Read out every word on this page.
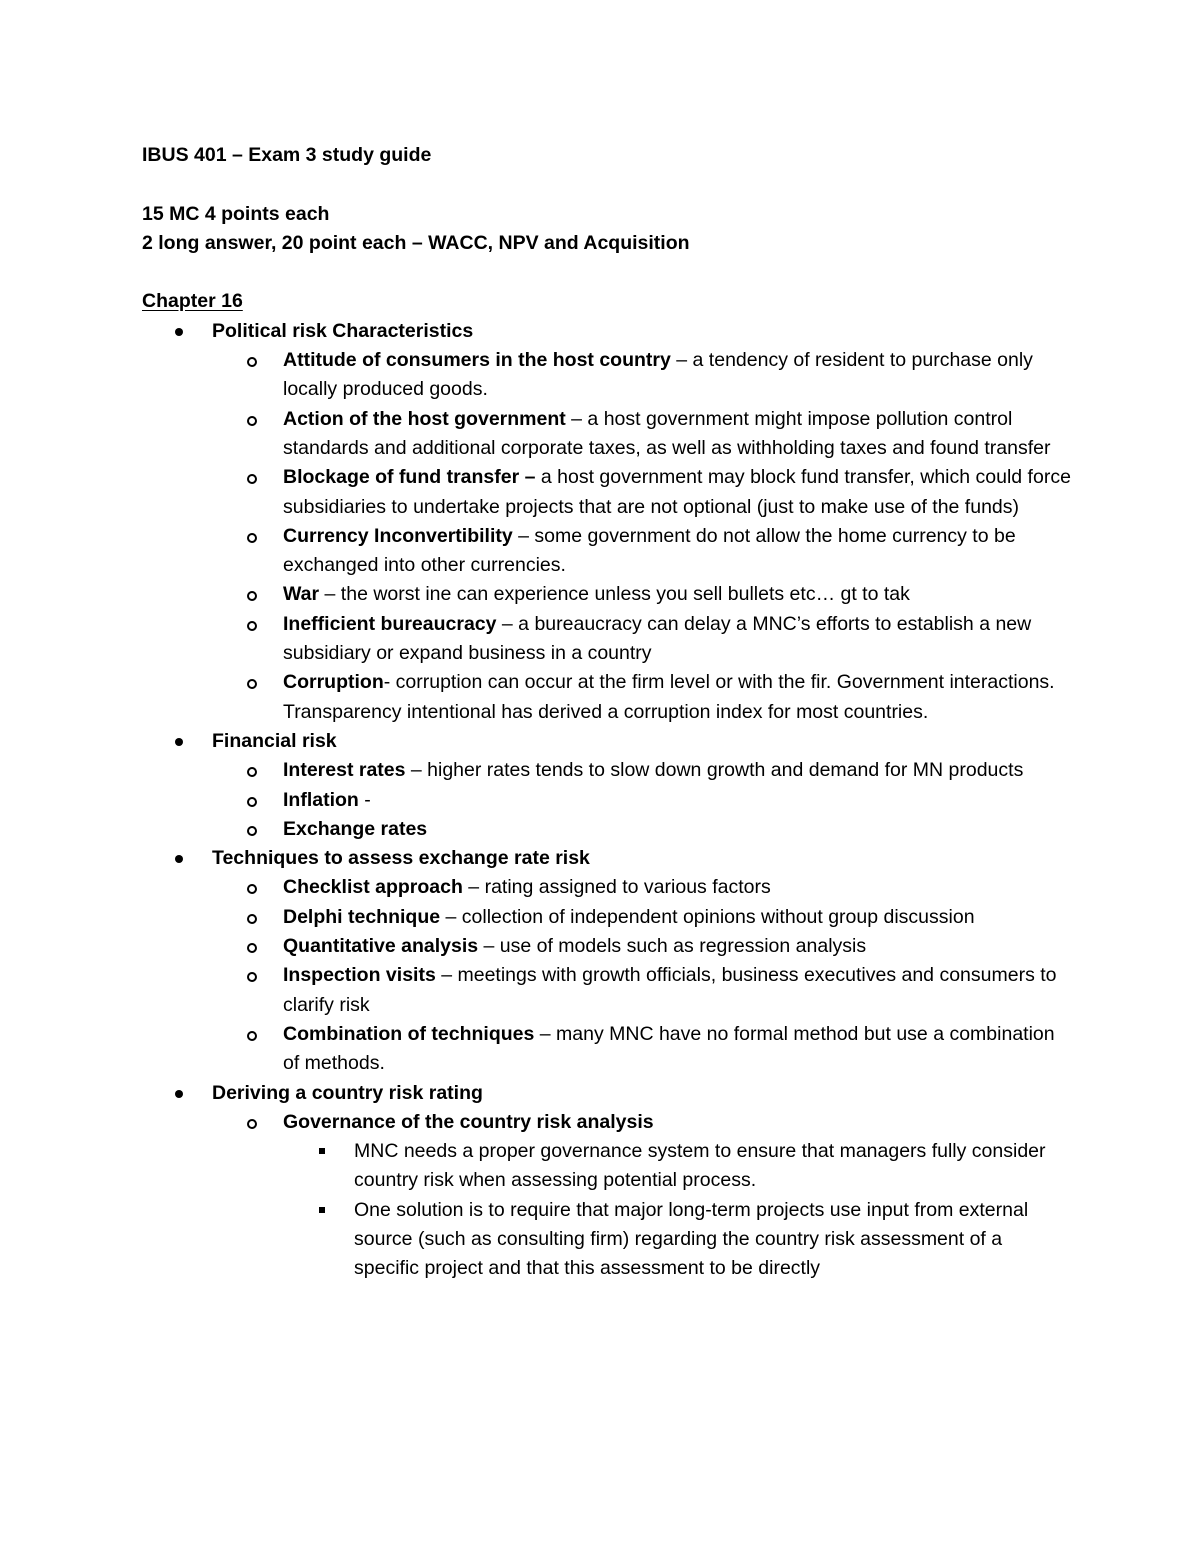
IBUS 401 – Exam 3 study guide

15 MC 4 points each

2 long answer, 20 point each – WACC, NPV and Acquisition

Chapter 16

Political risk Characteristics
Attitude of consumers in the host country – a tendency of resident to purchase only locally produced goods.
Action of the host government – a host government might impose pollution control standards and additional corporate taxes, as well as withholding taxes and found transfer
Blockage of fund transfer – a host government may block fund transfer, which could force subsidiaries to undertake projects that are not optional (just to make use of the funds)
Currency Inconvertibility – some government do not allow the home currency to be exchanged into other currencies.
War – the worst ine can experience unless you sell bullets etc… gt to tak
Inefficient bureaucracy – a bureaucracy can delay a MNC’s efforts to establish a new subsidiary or expand business in a country
Corruption- corruption can occur at the firm level or with the fir. Government interactions. Transparency intentional has derived a corruption index for most countries.
Financial risk
Interest rates – higher rates tends to slow down growth and demand for MN products
Inflation -
Exchange rates
Techniques to assess exchange rate risk
Checklist approach – rating assigned to various factors
Delphi technique – collection of independent opinions without group discussion
Quantitative analysis – use of models such as regression analysis
Inspection visits – meetings with growth officials, business executives and consumers to clarify risk
Combination of techniques – many MNC have no formal method but use a combination of methods.
Deriving a country risk rating
Governance of the country risk analysis
MNC needs a proper governance system to ensure that managers fully consider country risk when assessing potential process.
One solution is to require that major long-term projects use input from external source (such as consulting firm) regarding the country risk assessment of a specific project and that this assessment to be directly
